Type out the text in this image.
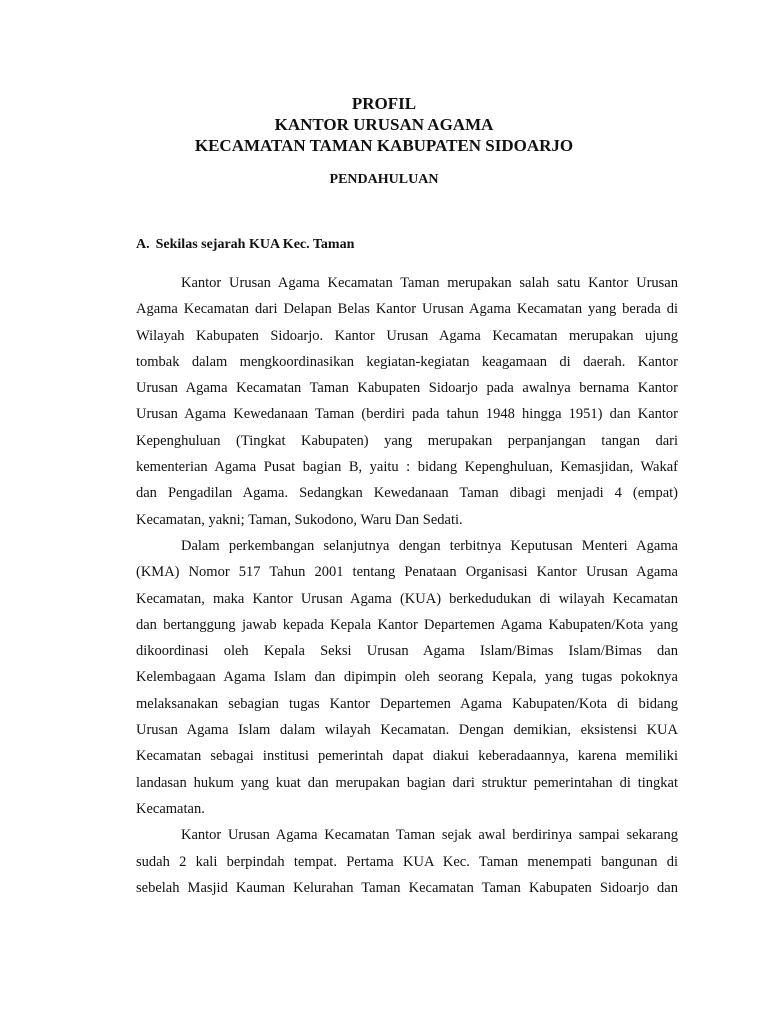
PROFIL
KANTOR URUSAN AGAMA
KECAMATAN TAMAN KABUPATEN SIDOARJO
PENDAHULUAN
A. Sekilas sejarah KUA Kec. Taman
Kantor Urusan Agama Kecamatan Taman merupakan salah satu Kantor Urusan
Agama Kecamatan dari Delapan Belas Kantor Urusan Agama Kecamatan yang berada di
Wilayah Kabupaten Sidoarjo. Kantor Urusan Agama Kecamatan merupakan ujung
tombak dalam mengkoordinasikan kegiatan-kegiatan keagamaan di daerah. Kantor
Urusan Agama Kecamatan Taman Kabupaten Sidoarjo pada awalnya bernama Kantor
Urusan Agama Kewedanaan Taman (berdiri pada tahun 1948 hingga 1951) dan Kantor
Kepenghuluan (Tingkat Kabupaten) yang merupakan perpanjangan tangan dari
kementerian Agama Pusat bagian B, yaitu : bidang Kepenghuluan, Kemasjidan, Wakaf
dan Pengadilan Agama. Sedangkan Kewedanaan Taman dibagi menjadi 4 (empat)
Kecamatan, yakni; Taman, Sukodono, Waru Dan Sedati.
Dalam perkembangan selanjutnya dengan terbitnya Keputusan Menteri Agama
(KMA) Nomor 517 Tahun 2001 tentang Penataan Organisasi Kantor Urusan Agama
Kecamatan, maka Kantor Urusan Agama (KUA) berkedudukan di wilayah Kecamatan
dan bertanggung jawab kepada Kepala Kantor Departemen Agama Kabupaten/Kota yang
dikoordinasi oleh Kepala Seksi Urusan Agama Islam/Bimas Islam/Bimas dan
Kelembagaan Agama Islam dan dipimpin oleh seorang Kepala, yang tugas pokoknya
melaksanakan sebagian tugas Kantor Departemen Agama Kabupaten/Kota di bidang
Urusan Agama Islam dalam wilayah Kecamatan. Dengan demikian, eksistensi KUA
Kecamatan sebagai institusi pemerintah dapat diakui keberadaannya, karena memiliki
landasan hukum yang kuat dan merupakan bagian dari struktur pemerintahan di tingkat
Kecamatan.
Kantor Urusan Agama Kecamatan Taman sejak awal berdirinya sampai sekarang
sudah 2 kali berpindah tempat. Pertama KUA Kec. Taman menempati bangunan di
sebelah Masjid Kauman Kelurahan Taman Kecamatan Taman Kabupaten Sidoarjo dan
